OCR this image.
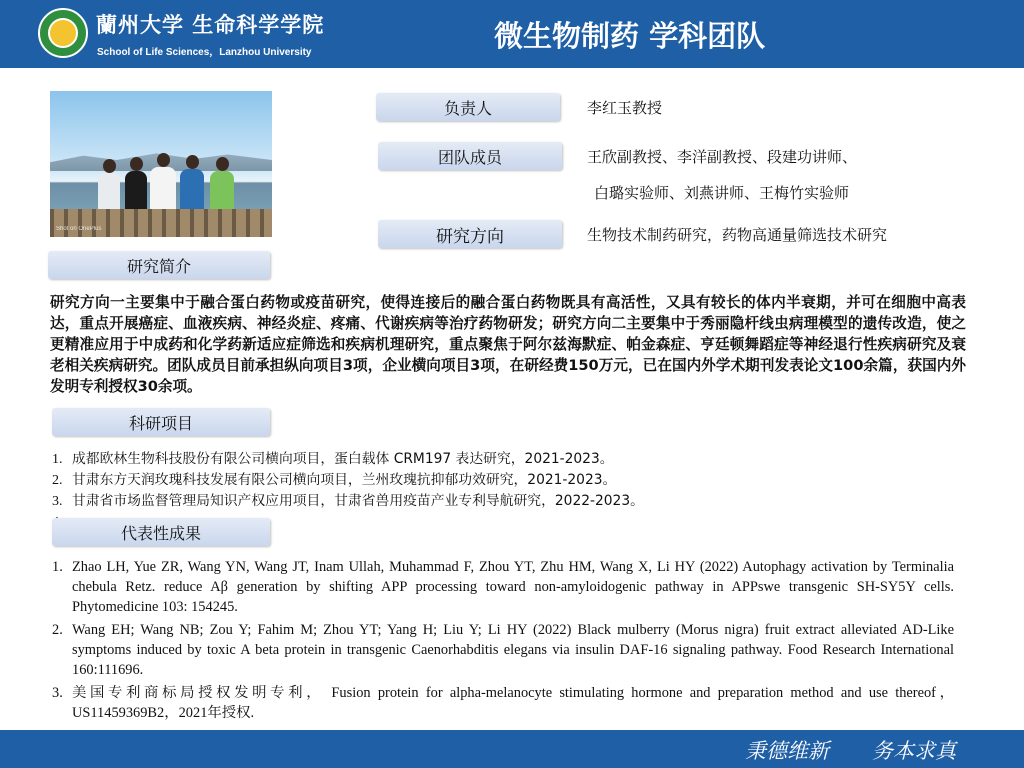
蘭州大学 生命科学学院
School of Life Sciences，Lanzhou University	微生物制药 学科团队
Shot on OnePlus
负责人	李红玉教授
团队成员	王欣副教授、李洋副教授、段建功讲师、
白璐实验师、刘燕讲师、王梅竹实验师
研究方向	生物技术制药研究，药物高通量筛选技术研究
研究简介
研究方向一主要集中于融合蛋白药物或疫苗研究，使得连接后的融合蛋白药物既具有高活性，又具有较长的体内半衰期，并可在细胞中高表达，重点开展癌症、血液疾病、神经炎症、疼痛、代谢疾病等治疗药物研发；研究方向二主要集中于秀丽隐杆线虫病理模型的遗传改造，使之更精准应用于中成药和化学药新适应症筛选和疾病机理研究，重点聚焦于阿尔兹海默症、帕金森症、亨廷顿舞蹈症等神经退行性疾病研究及衰老相关疾病研究。团队成员目前承担纵向项目3项，企业横向项目3项，在研经费150万元，已在国内外学术期刊发表论文100余篇，获国内外发明专利授权30余项。
科研项目
1. 成都欧林生物科技股份有限公司横向项目，蛋白载体 CRM197 表达研究，2021-2023。
2. 甘肃东方天润玫瑰科技发展有限公司横向项目，兰州玫瑰抗抑郁功效研究，2021-2023。
3. 甘肃省市场监督管理局知识产权应用项目，甘肃省兽用疫苗产业专利导航研究，2022-2023。
代表性成果
1. Zhao LH, Yue ZR, Wang YN, Wang JT, Inam Ullah, Muhammad F, Zhou YT, Zhu HM, Wang X, Li HY (2022) Autophagy activation by Terminalia chebula Retz. reduce Aβ generation by shifting APP processing toward non-amyloidogenic pathway in APPswe transgenic SH-SY5Y cells. Phytomedicine 103: 154245.
2. Wang EH; Wang NB; Zou Y; Fahim M; Zhou YT; Yang H; Liu Y; Li HY (2022) Black mulberry (Morus nigra) fruit extract alleviated AD-Like symptoms induced by toxic A beta protein in transgenic Caenorhabditis elegans via insulin DAF-16 signaling pathway. Food Research International 160:111696.
3. 美国专利商标局授权发明专利， Fusion protein for alpha-melanocyte stimulating hormone and preparation method and use thereof，US11459369B2，2021年授权.
秉德维新 务本求真
